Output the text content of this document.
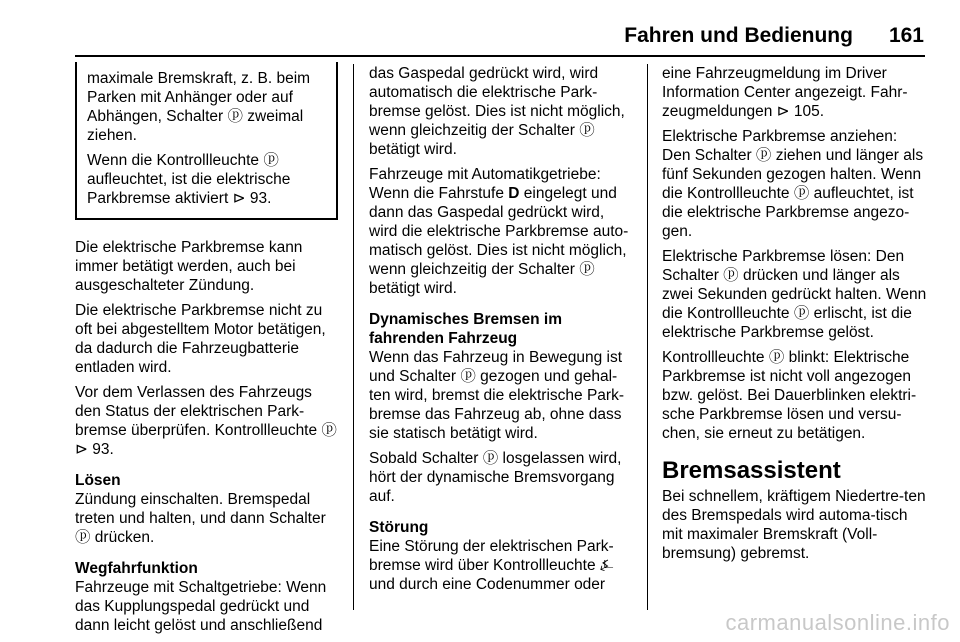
Fahren und Bedienung 161

maximale Bremskraft, z. B. beim Parken mit Anhänger oder auf Abhängen, Schalter ⓟ zweimal ziehen.

Wenn die Kontrollleuchte ⓟ aufleuchtet, ist die elektrische Parkbremse aktiviert ⊳ 93.

Die elektrische Parkbremse kann immer betätigt werden, auch bei ausgeschalteter Zündung.

Die elektrische Parkbremse nicht zu oft bei abgestelltem Motor betätigen, da dadurch die Fahrzeugbatterie entladen wird.

Vor dem Verlassen des Fahrzeugs den Status der elektrischen Park-bremse überprüfen. Kontrollleuchte ⓟ ⊳ 93.

Lösen

Zündung einschalten. Bremspedal treten und halten, und dann Schalter ⓟ drücken.

Wegfahrfunktion

Fahrzeuge mit Schaltgetriebe: Wenn das Kupplungspedal gedrückt und dann leicht gelöst und anschließend

das Gaspedal gedrückt wird, wird automatisch die elektrische Park-bremse gelöst. Dies ist nicht möglich, wenn gleichzeitig der Schalter ⓟ betätigt wird.

Fahrzeuge mit Automatikgetriebe: Wenn die Fahrstufe D eingelegt und dann das Gaspedal gedrückt wird, wird die elektrische Parkbremse auto-matisch gelöst. Dies ist nicht möglich, wenn gleichzeitig der Schalter ⓟ betätigt wird.

Dynamisches Bremsen im fahrenden Fahrzeug

Wenn das Fahrzeug in Bewegung ist und Schalter ⓟ gezogen und gehal-ten wird, bremst die elektrische Park-bremse das Fahrzeug ab, ohne dass sie statisch betätigt wird.

Sobald Schalter ⓟ losgelassen wird, hört der dynamische Bremsvorgang auf.

Störung

Eine Störung der elektrischen Park-bremse wird über Kontrollleuchte ⍼ und durch eine Codenummer oder

eine Fahrzeugmeldung im Driver Information Center angezeigt. Fahr-zeugmeldungen ⊳ 105.

Elektrische Parkbremse anziehen: Den Schalter ⓟ ziehen und länger als fünf Sekunden gezogen halten. Wenn die Kontrollleuchte ⓟ aufleuchtet, ist die elektrische Parkbremse angezo-gen.

Elektrische Parkbremse lösen: Den Schalter ⓟ drücken und länger als zwei Sekunden gedrückt halten. Wenn die Kontrollleuchte ⓟ erlischt, ist die elektrische Parkbremse gelöst.

Kontrollleuchte ⓟ blinkt: Elektrische Parkbremse ist nicht voll angezogen bzw. gelöst. Bei Dauerblinken elektri-sche Parkbremse lösen und versu-chen, sie erneut zu betätigen.

Bremsassistent

Bei schnellem, kräftigem Niedertre-ten des Bremspedals wird automa-tisch mit maximaler Bremskraft (Voll-bremsung) gebremst.

carmanualsonline.info
